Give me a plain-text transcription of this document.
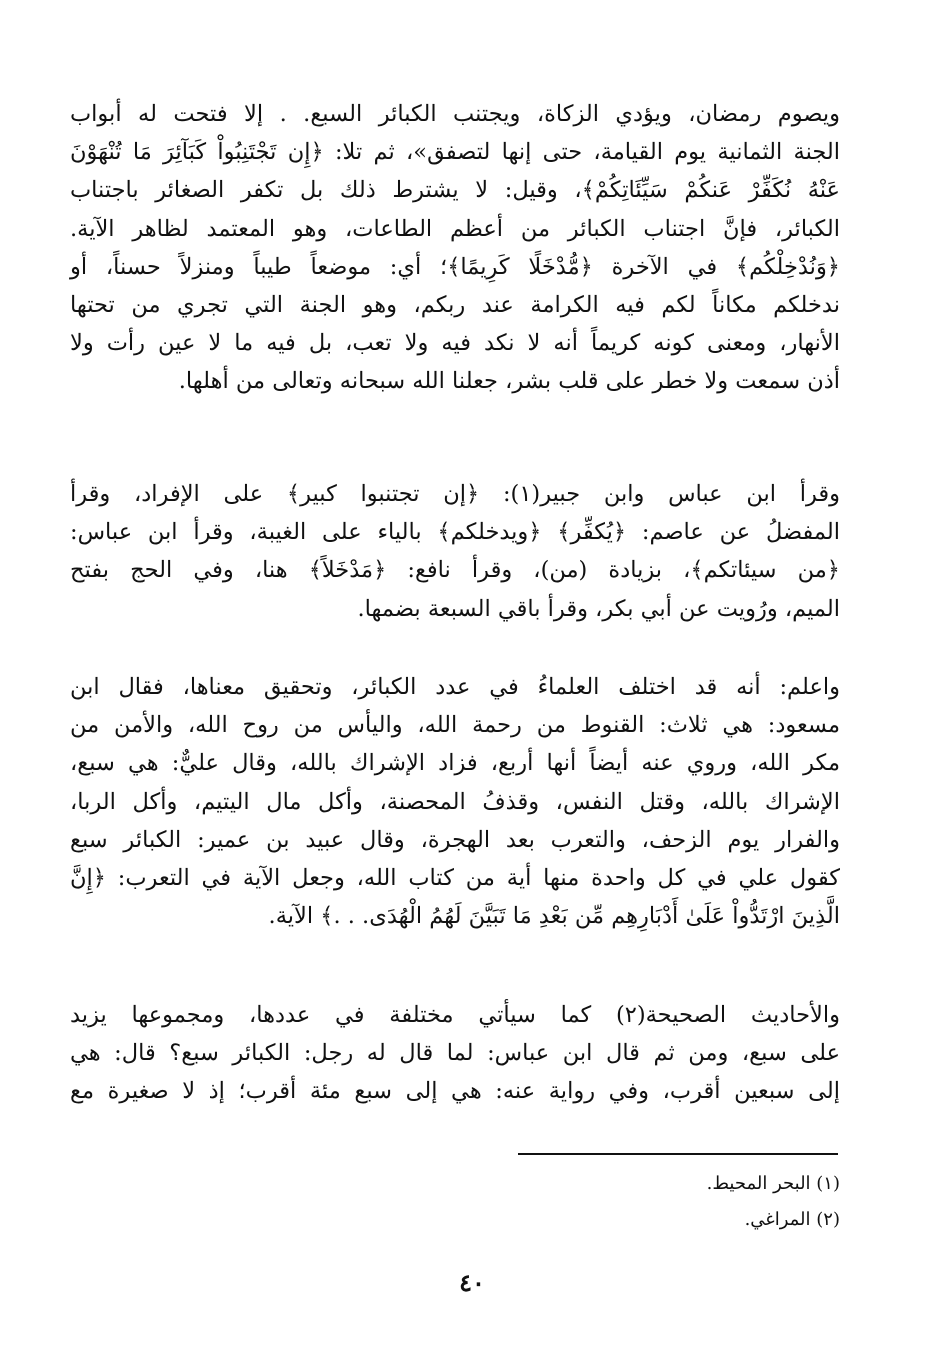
ويصوم رمضان، ويؤدي الزكاة، ويجتنب الكبائر السبع. . إلا فتحت له أبواب
الجنة الثمانية يوم القيامة، حتى إنها لتصفق»، ثم تلا: ﴿إِن تَجْتَنِبُواْ كَبَآئِرَ مَا تُنْهَوْنَ
عَنْهُ نُكَفِّرْ عَنكُمْ سَيِّئَاتِكُمْ﴾، وقيل: لا يشترط ذلك بل تكفر الصغائر باجتناب
الكبائر، فإنَّ اجتناب الكبائر من أعظم الطاعات، وهو المعتمد لظاهر الآية.
﴿وَنُدْخِلْكُم﴾ في الآخرة ﴿مُّدْخَلًا كَرِيمًا﴾؛ أي: موضعاً طيباً ومنزلاً حسناً، أو
ندخلكم مكاناً لكم فيه الكرامة عند ربكم، وهو الجنة التي تجري من تحتها
الأنهار، ومعنى كونه كريماً أنه لا نكد فيه ولا تعب، بل فيه ما لا عين رأت ولا
أذن سمعت ولا خطر على قلب بشر، جعلنا الله سبحانه وتعالى من أهلها.
وقرأ ابن عباس وابن جبير(١): ﴿إن تجتنبوا كبير﴾ على الإفراد، وقرأ
المفضلُ عن عاصم: ﴿يُكفِّر﴾ ﴿ويدخلكم﴾ بالياء على الغيبة، وقرأ ابن عباس:
﴿من سيئاتكم﴾، بزيادة (من)، وقرأ نافع: ﴿مَدْخَلاً﴾ هنا، وفي الحج بفتح
الميم، ورُويت عن أبي بكر، وقرأ باقي السبعة بضمها.
واعلم: أنه قد اختلف العلماءُ في عدد الكبائر، وتحقيق معناها، فقال ابن
مسعود: هي ثلاث: القنوط من رحمة الله، واليأس من روح الله، والأمن من
مكر الله، وروي عنه أيضاً أنها أربع، فزاد الإشراك بالله، وقال عليٌّ: هي سبع،
الإشراك بالله، وقتل النفس، وقذفُ المحصنة، وأكل مال اليتيم، وأكل الربا،
والفرار يوم الزحف، والتعرب بعد الهجرة، وقال عبيد بن عمير: الكبائر سبع
كقول علي في كل واحدة منها أية من كتاب الله، وجعل الآية في التعرب: ﴿إِنَّ
الَّذِينَ ارْتَدُّواْ عَلَىٰ أَدْبَارِهِم مِّن بَعْدِ مَا تَبَيَّنَ لَهُمُ الْهُدَى. . .﴾ الآية.
والأحاديث الصحيحة(٢) كما سيأتي مختلفة في عددها، ومجموعها يزيد
على سبع، ومن ثم قال ابن عباس: لما قال له رجل: الكبائر سبع؟ قال: هي
إلى سبعين أقرب، وفي رواية عنه: هي إلى سبع مئة أقرب؛ إذ لا صغيرة مع

(١) البحر المحيط.

(٢) المراغي.

٤٠
